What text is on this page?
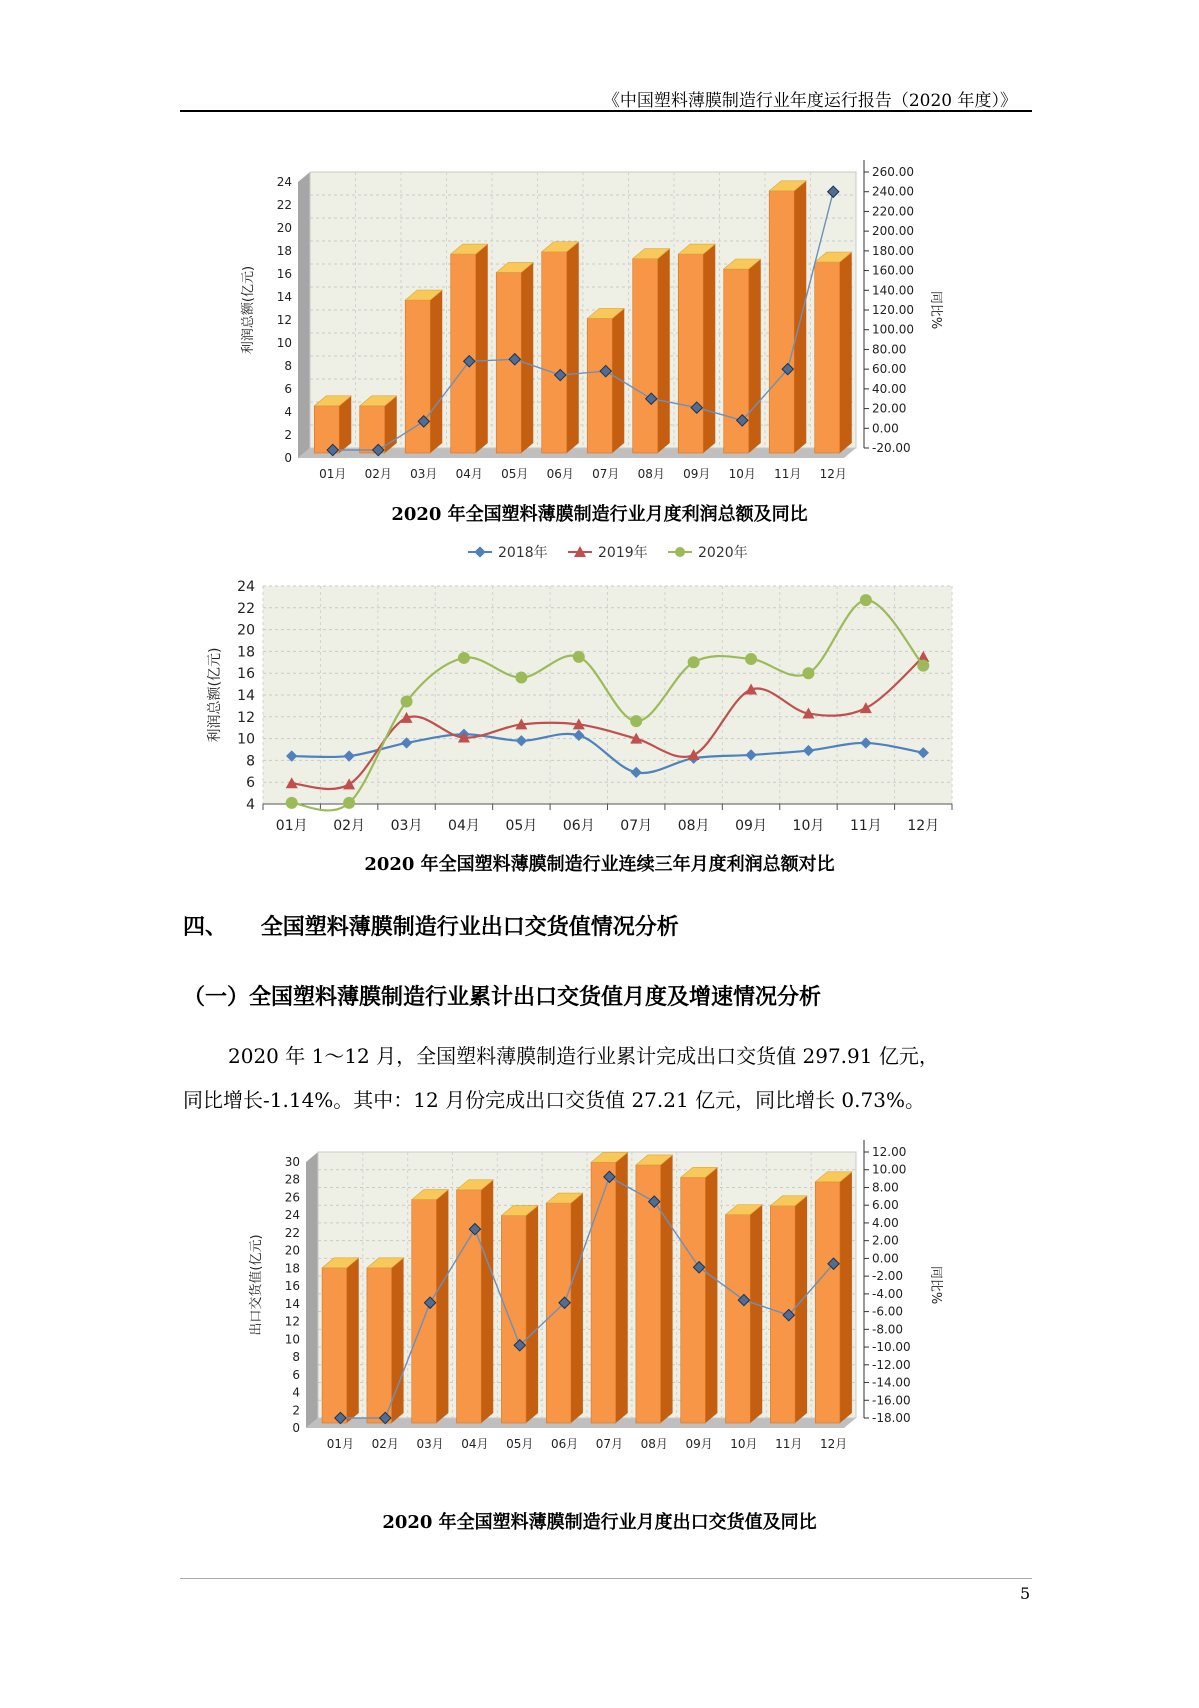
《中国塑料薄膜制造行业年度运行报告（2020 年度）》
0
2
4
6
8
10
12
14
16
18
20
22
24
-20.00
0.00
20.00
40.00
60.00
80.00
100.00
120.00
140.00
160.00
180.00
200.00
220.00
240.00
260.00
01月 02月 03月 04月 05月 06月 07月 08月 09月 10月 11月 12月
利润总额(亿元)	同比%
2020 年全国塑料薄膜制造行业月度利润总额及同比
4
6
8
10
12
14
16
18
20
22
24
01月 02月 03月 04月 05月 06月 07月 08月 09月 10月 11月 12月
2018年	2019年	2020年
利润总额(亿元)
2020 年全国塑料薄膜制造行业连续三年月度利润总额对比
四、 全国塑料薄膜制造行业出口交货值情况分析
（一）全国塑料薄膜制造行业累计出口交货值月度及增速情况分析
2020 年 1～12 月，全国塑料薄膜制造行业累计完成出口交货值 297.91 亿元，
同比增长-1.14%。其中：12 月份完成出口交货值 27.21 亿元，同比增长 0.73%。
0
2
4
6
8
10
12
14
16
18
20
22
24
26
28
30
-18.00
-16.00
-14.00
-12.00
-10.00
-8.00
-6.00
-4.00
-2.00
0.00
2.00
4.00
6.00
8.00
10.00
12.00
01月 02月 03月 04月 05月 06月 07月 08月 09月 10月 11月 12月
出口交货值(亿元)	同比%
2020 年全国塑料薄膜制造行业月度出口交货值及同比
5
